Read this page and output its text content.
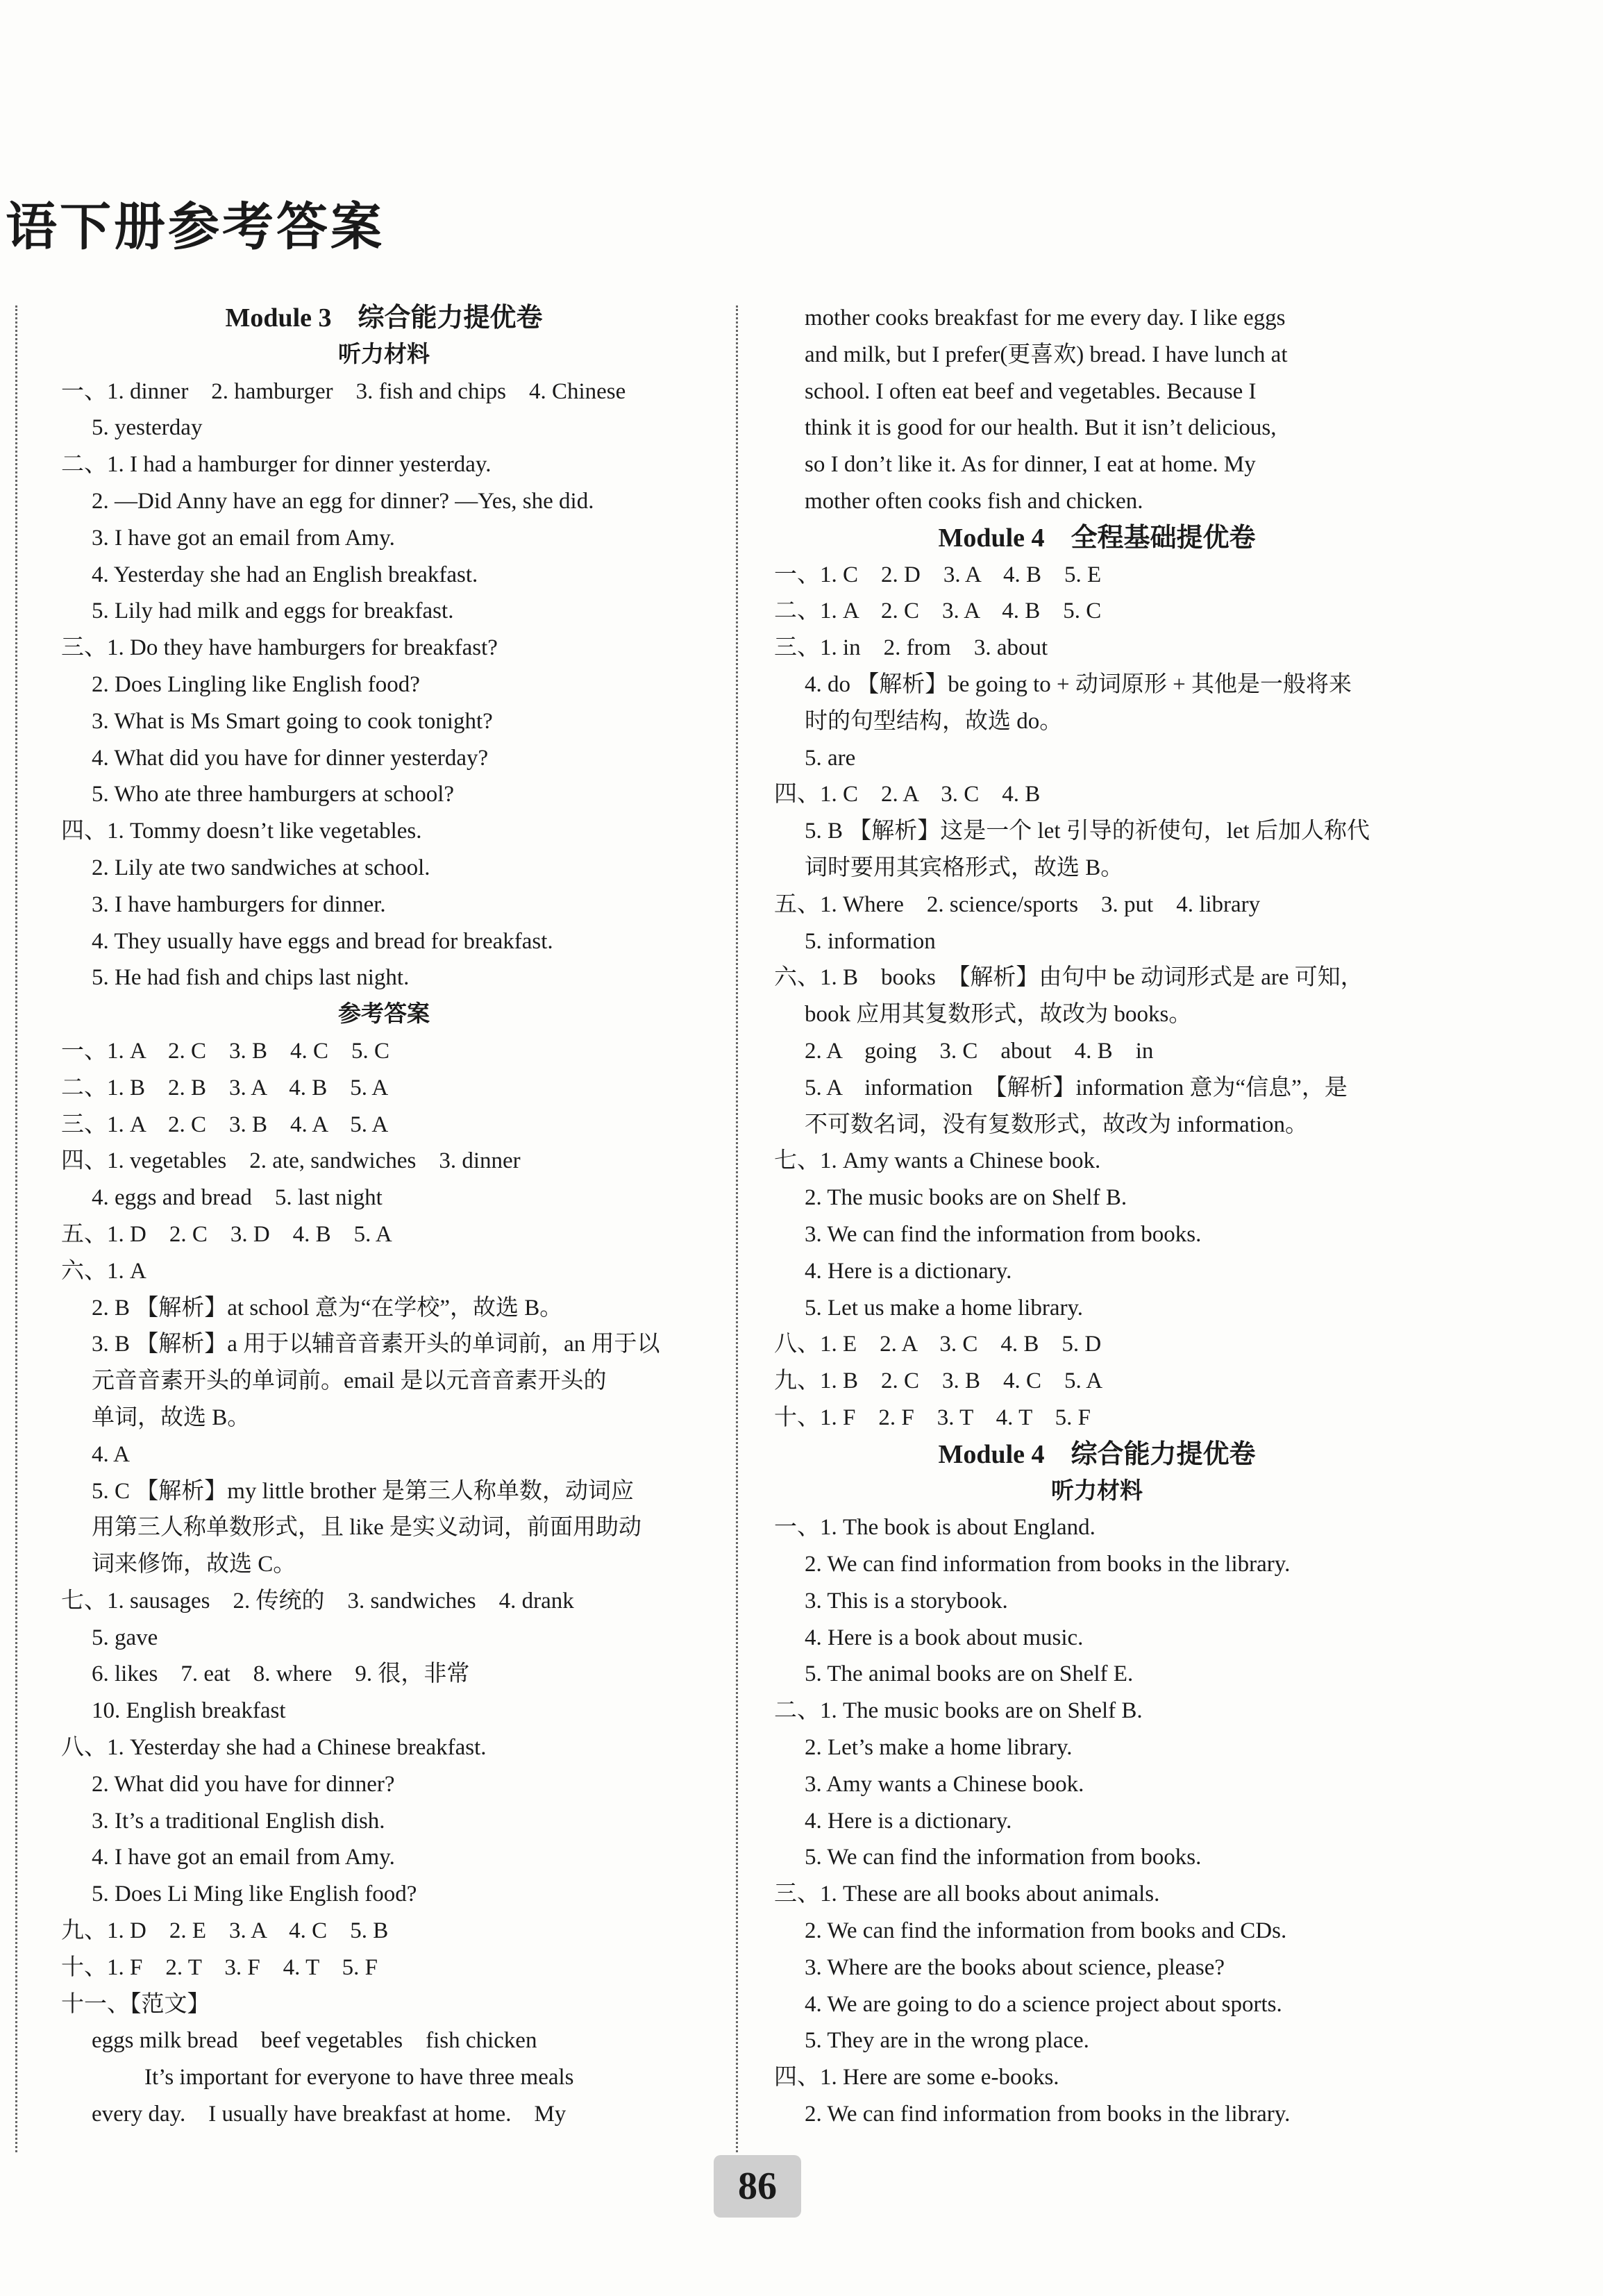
语下册参考答案
Module 3　综合能力提优卷
听力材料
一、1. dinner　2. hamburger　3. fish and chips　4. Chinese
5. yesterday
二、1. I had a hamburger for dinner yesterday.
2. —Did Anny have an egg for dinner? —Yes, she did.
3. I have got an email from Amy.
4. Yesterday she had an English breakfast.
5. Lily had milk and eggs for breakfast.
三、1. Do they have hamburgers for breakfast?
2. Does Lingling like English food?
3. What is Ms Smart going to cook tonight?
4. What did you have for dinner yesterday?
5. Who ate three hamburgers at school?
四、1. Tommy doesn’t like vegetables.
2. Lily ate two sandwiches at school.
3. I have hamburgers for dinner.
4. They usually have eggs and bread for breakfast.
5. He had fish and chips last night.
参考答案
一、1. A　2. C　3. B　4. C　5. C
二、1. B　2. B　3. A　4. B　5. A
三、1. A　2. C　3. B　4. A　5. A
四、1. vegetables　2. ate, sandwiches　3. dinner
4. eggs and bread　5. last night
五、1. D　2. C　3. D　4. B　5. A
六、1. A
2. B 【解析】at school 意为“在学校”，故选 B。
3. B 【解析】a 用于以辅音音素开头的单词前，an 用于以
元音音素开头的单词前。email 是以元音音素开头的
单词，故选 B。
4. A
5. C 【解析】my little brother 是第三人称单数，动词应
用第三人称单数形式，且 like 是实义动词，前面用助动
词来修饰，故选 C。
七、1. sausages　2. 传统的　3. sandwiches　4. drank
5. gave
6. likes　7. eat　8. where　9. 很，非常
10. English breakfast
八、1. Yesterday she had a Chinese breakfast.
2. What did you have for dinner?
3. It’s a traditional English dish.
4. I have got an email from Amy.
5. Does Li Ming like English food?
九、1. D　2. E　3. A　4. C　5. B
十、1. F　2. T　3. F　4. T　5. F
十一、【范文】
eggs milk bread　beef vegetables　fish chicken
It’s important for everyone to have three meals
every day.　I usually have breakfast at home.　My
mother cooks breakfast for me every day. I like eggs
and milk, but I prefer(更喜欢) bread. I have lunch at
school. I often eat beef and vegetables. Because I
think it is good for our health. But it isn’t delicious,
so I don’t like it. As for dinner, I eat at home. My
mother often cooks fish and chicken.
Module 4　全程基础提优卷
一、1. C　2. D　3. A　4. B　5. E
二、1. A　2. C　3. A　4. B　5. C
三、1. in　2. from　3. about
4. do 【解析】be going to + 动词原形 + 其他是一般将来
时的句型结构，故选 do。
5. are
四、1. C　2. A　3. C　4. B
5. B 【解析】这是一个 let 引导的祈使句，let 后加人称代
词时要用其宾格形式，故选 B。
五、1. Where　2. science/sports　3. put　4. library
5. information
六、1. B　books　【解析】由句中 be 动词形式是 are 可知，
book 应用其复数形式，故改为 books。
2. A　going　3. C　about　4. B　in
5. A　information　【解析】information 意为“信息”，是
不可数名词，没有复数形式，故改为 information。
七、1. Amy wants a Chinese book.
2. The music books are on Shelf B.
3. We can find the information from books.
4. Here is a dictionary.
5. Let us make a home library.
八、1. E　2. A　3. C　4. B　5. D
九、1. B　2. C　3. B　4. C　5. A
十、1. F　2. F　3. T　4. T　5. F
Module 4　综合能力提优卷
听力材料
一、1. The book is about England.
2. We can find information from books in the library.
3. This is a storybook.
4. Here is a book about music.
5. The animal books are on Shelf E.
二、1. The music books are on Shelf B.
2. Let’s make a home library.
3. Amy wants a Chinese book.
4. Here is a dictionary.
5. We can find the information from books.
三、1. These are all books about animals.
2. We can find the information from books and CDs.
3. Where are the books about science, please?
4. We are going to do a science project about sports.
5. They are in the wrong place.
四、1. Here are some e-books.
2. We can find information from books in the library.
86
